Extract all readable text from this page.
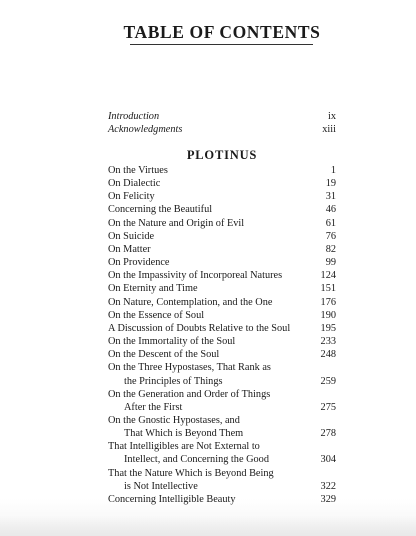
TABLE OF CONTENTS
Introduction	ix
Acknowledgments	xiii
PLOTINUS
On the Virtues	1
On Dialectic	19
On Felicity	31
Concerning the Beautiful	46
On the Nature and Origin of Evil	61
On Suicide	76
On Matter	82
On Providence	99
On the Impassivity of Incorporeal Natures	124
On Eternity and Time	151
On Nature, Contemplation, and the One	176
On the Essence of Soul	190
A Discussion of Doubts Relative to the Soul	195
On the Immortality of the Soul	233
On the Descent of the Soul	248
On the Three Hypostases, That Rank as
the Principles of Things	259
On the Generation and Order of Things
After the First	275
On the Gnostic Hypostases, and
That Which is Beyond Them	278
That Intelligibles are Not External to
Intellect, and Concerning the Good	304
That the Nature Which is Beyond Being
is Not Intellective	322
Concerning Intelligible Beauty	329
